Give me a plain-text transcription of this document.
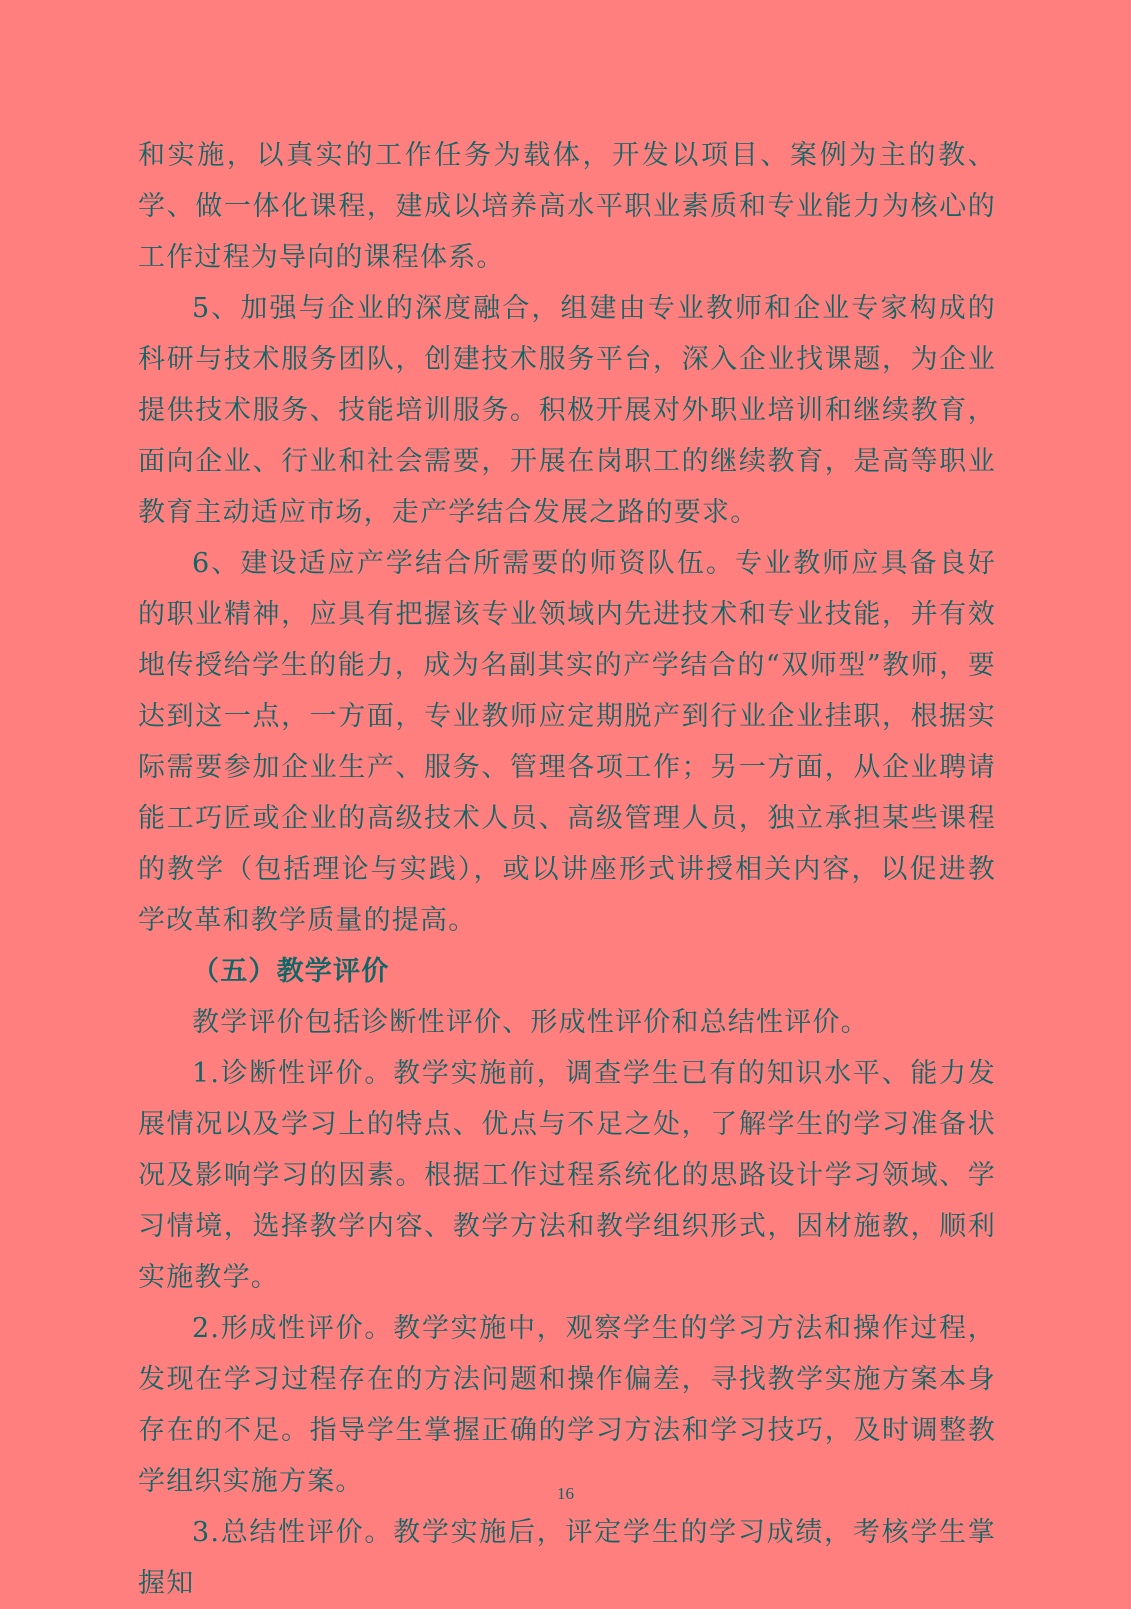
和实施，以真实的工作任务为载体，开发以项目、案例为主的教、学、做一体化课程，建成以培养高水平职业素质和专业能力为核心的工作过程为导向的课程体系。

5、加强与企业的深度融合，组建由专业教师和企业专家构成的科研与技术服务团队，创建技术服务平台，深入企业找课题，为企业提供技术服务、技能培训服务。积极开展对外职业培训和继续教育，面向企业、行业和社会需要，开展在岗职工的继续教育，是高等职业教育主动适应市场，走产学结合发展之路的要求。

6、建设适应产学结合所需要的师资队伍。专业教师应具备良好的职业精神，应具有把握该专业领域内先进技术和专业技能，并有效地传授给学生的能力，成为名副其实的产学结合的“双师型”教师，要达到这一点，一方面，专业教师应定期脱产到行业企业挂职，根据实际需要参加企业生产、服务、管理各项工作；另一方面，从企业聘请能工巧匠或企业的高级技术人员、高级管理人员，独立承担某些课程的教学（包括理论与实践），或以讲座形式讲授相关内容，以促进教学改革和教学质量的提高。

（五）教学评价

教学评价包括诊断性评价、形成性评价和总结性评价。

1.诊断性评价。教学实施前，调查学生已有的知识水平、能力发展情况以及学习上的特点、优点与不足之处，了解学生的学习准备状况及影响学习的因素。根据工作过程系统化的思路设计学习领域、学习情境，选择教学内容、教学方法和教学组织形式，因材施教，顺利实施教学。

2.形成性评价。教学实施中，观察学生的学习方法和操作过程，发现在学习过程存在的方法问题和操作偏差，寻找教学实施方案本身存在的不足。指导学生掌握正确的学习方法和学习技巧，及时调整教学组织实施方案。

3.总结性评价。教学实施后，评定学生的学习成绩，考核学生掌握知

16
